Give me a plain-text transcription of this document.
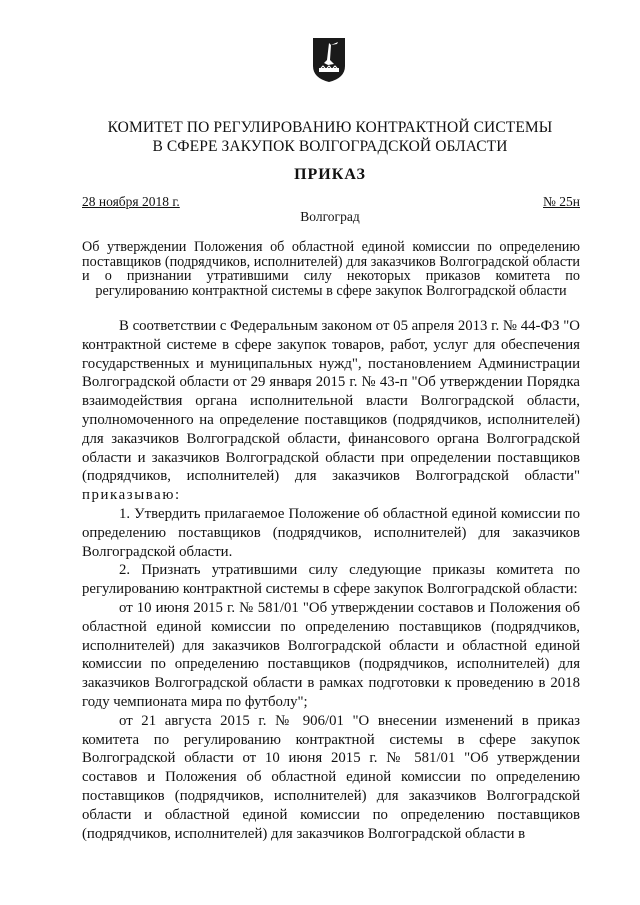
КОМИТЕТ ПО РЕГУЛИРОВАНИЮ КОНТРАКТНОЙ СИСТЕМЫ
В СФЕРЕ ЗАКУПОК ВОЛГОГРАДСКОЙ ОБЛАСТИ
ПРИКАЗ
28 ноября 2018 г.	№ 25н
Волгоград
Об утверждении Положения об областной единой комиссии по определению поставщиков (подрядчиков, исполнителей) для заказчиков Волгоградской области и о признании утратившими силу некоторых приказов комитета по регулированию контрактной системы в сфере закупок Волгоградской области

В соответствии с Федеральным законом от 05 апреля 2013 г. № 44-ФЗ "О контрактной системе в сфере закупок товаров, работ, услуг для обеспечения государственных и муниципальных нужд", постановлением Администрации Волгоградской области от 29 января 2015 г. № 43-п "Об утверждении Порядка взаимодействия органа исполнительной власти Волгоградской области, уполномоченного на определение поставщиков (подрядчиков, исполнителей) для заказчиков Волгоградской области, финансового органа Волгоградской области и заказчиков Волгоградской области при определении поставщиков (подрядчиков, исполнителей) для заказчиков Волгоградской области" приказываю:

1. Утвердить прилагаемое Положение об областной единой комиссии по определению поставщиков (подрядчиков, исполнителей) для заказчиков Волгоградской области.

2. Признать утратившими силу следующие приказы комитета по регулированию контрактной системы в сфере закупок Волгоградской области:

от 10 июня 2015 г. № 581/01 "Об утверждении составов и Положения об областной единой комиссии по определению поставщиков (подрядчиков, исполнителей) для заказчиков Волгоградской области и областной единой комиссии по определению поставщиков (подрядчиков, исполнителей) для заказчиков Волгоградской области в рамках подготовки к проведению в 2018 году чемпионата мира по футболу";

от 21 августа 2015 г. № 906/01 "О внесении изменений в приказ комитета по регулированию контрактной системы в сфере закупок Волгоградской области от 10 июня 2015 г. № 581/01 "Об утверждении составов и Положения об областной единой комиссии по определению поставщиков (подрядчиков, исполнителей) для заказчиков Волгоградской области и областной единой комиссии по определению поставщиков (подрядчиков, исполнителей) для заказчиков Волгоградской области в
